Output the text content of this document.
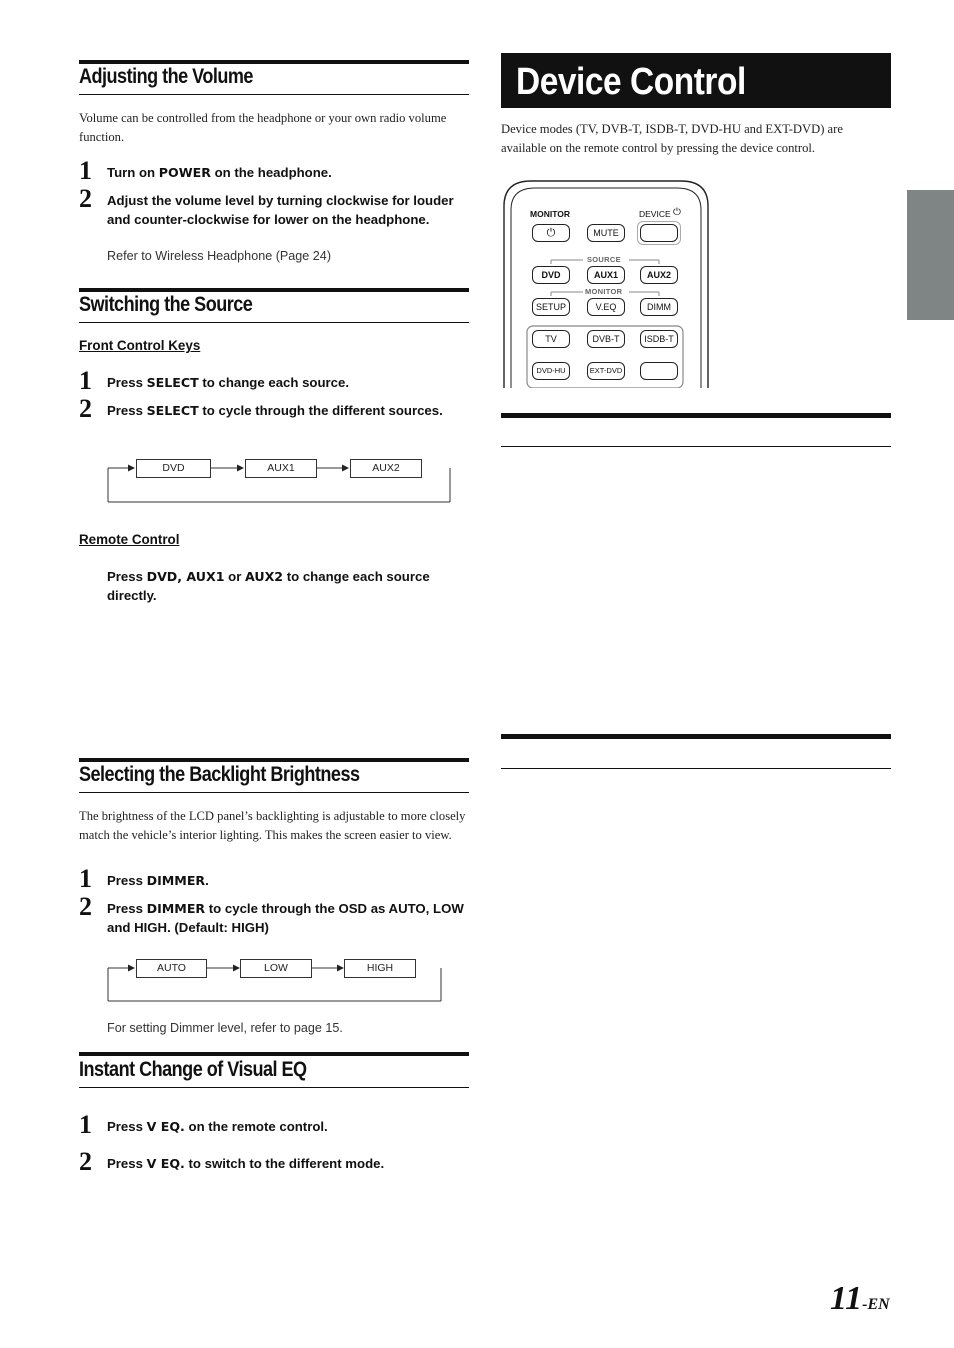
Adjusting the Volume
Volume can be controlled from the headphone or your own radio volume function.
1 Turn on POWER on the headphone.
2 Adjust the volume level by turning clockwise for louder and counter-clockwise for lower on the headphone.
Refer to Wireless Headphone (Page 24)
Switching the Source
Front Control Keys
1 Press SELECT to change each source.
2 Press SELECT to cycle through the different sources.
DVD	AUX1	AUX2
Remote Control
Press DVD, AUX1 or AUX2 to change each source directly.
Selecting the Backlight Brightness
The brightness of the LCD panel’s backlighting is adjustable to more closely match the vehicle’s interior lighting. This makes the screen easier to view.
1 Press DIMMER.
2 Press DIMMER to cycle through the OSD as AUTO, LOW and HIGH. (Default: HIGH)
AUTO	LOW	HIGH
For setting Dimmer level, refer to page 15.
Instant Change of Visual EQ
1 Press V EQ. on the remote control.
2 Press V EQ. to switch to the different mode.
Device Control
Device modes (TV, DVB-T, ISDB-T, DVD-HU and EXT-DVD) are available on the remote control by pressing the device control.
MONITOR	DEVICE ⏻
⏻	MUTE
SOURCE
DVD	AUX1	AUX2
MONITOR
SETUP	V.EQ	DIMM
TV	DVB-T	ISDB-T
DVD-HU	EXT-DVD
11-EN
